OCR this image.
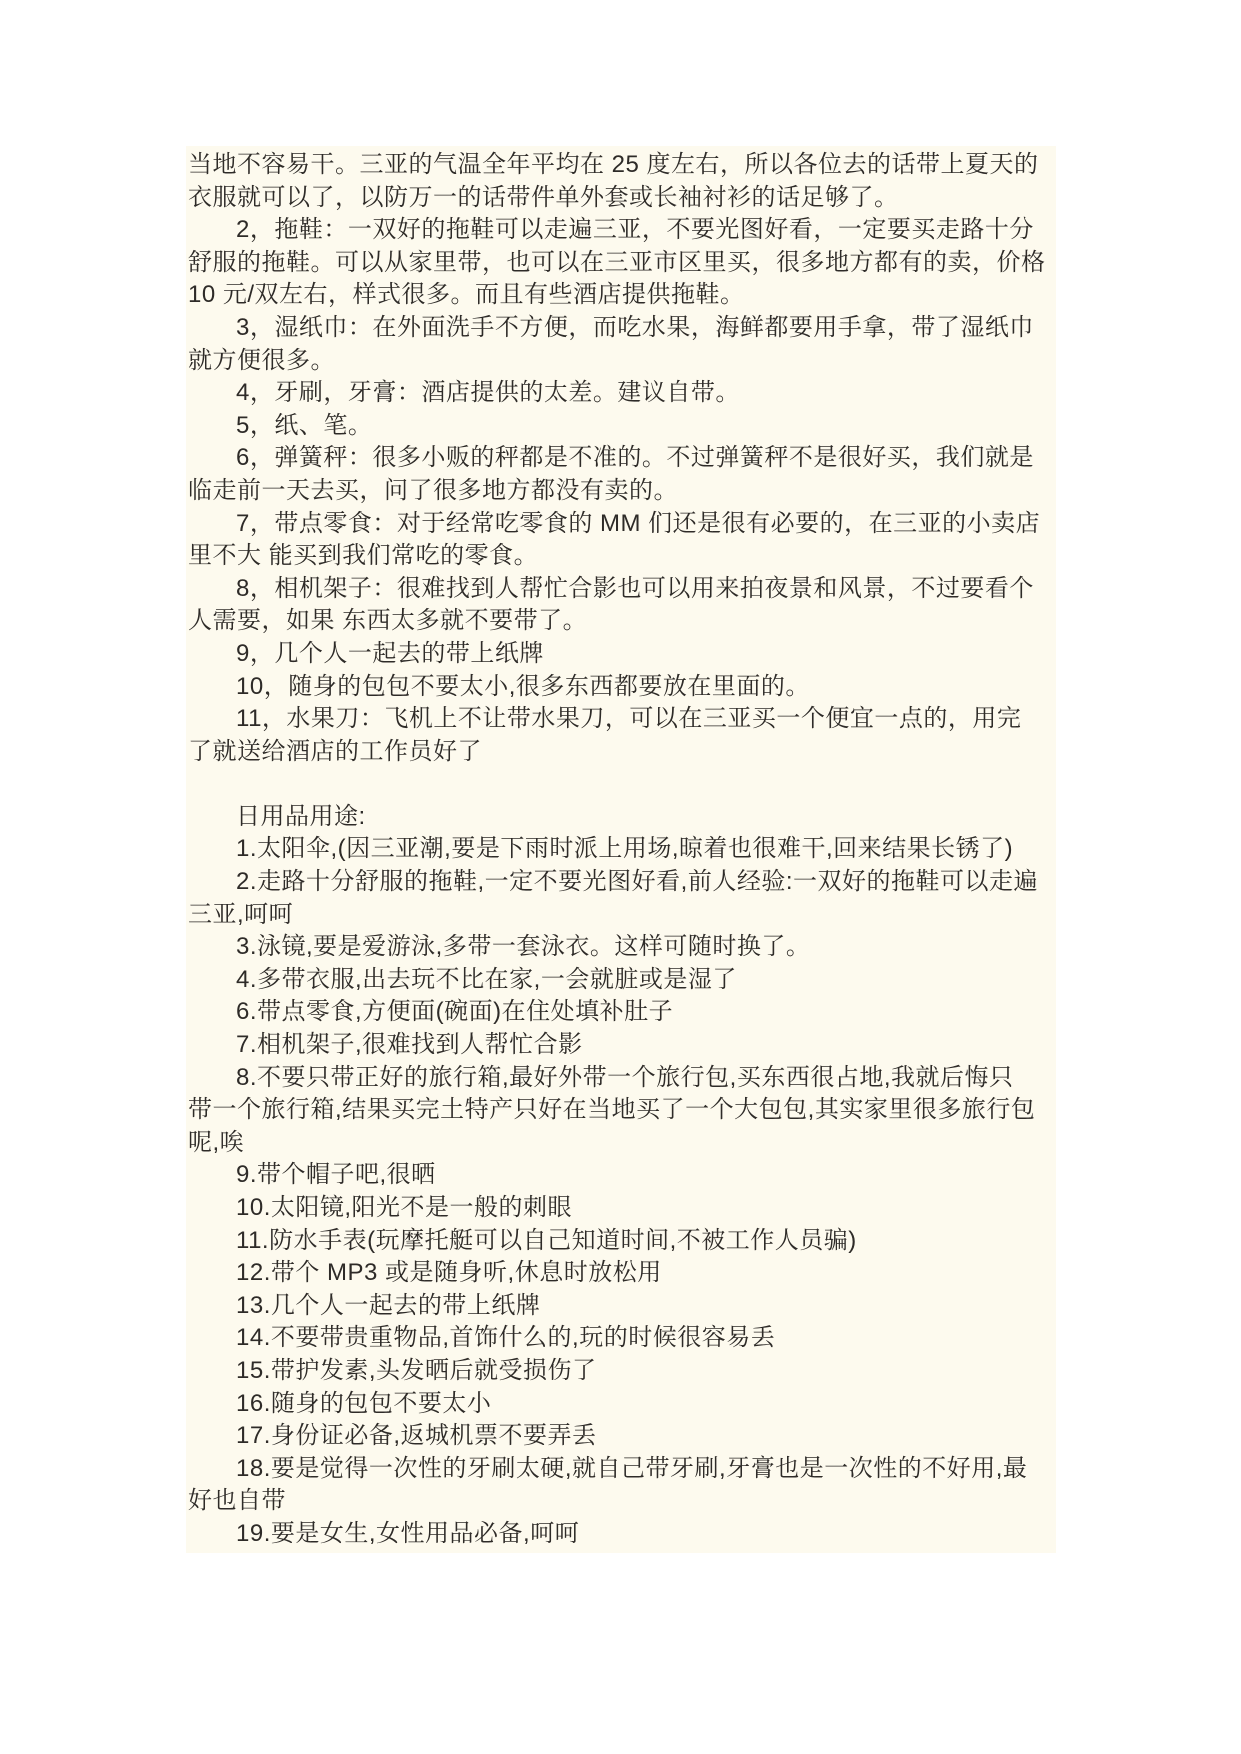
当地不容易干。三亚的气温全年平均在 25 度左右，所以各位去的话带上夏天的
衣服就可以了，以防万一的话带件单外套或长袖衬衫的话足够了。
2，拖鞋：一双好的拖鞋可以走遍三亚，不要光图好看，一定要买走路十分
舒服的拖鞋。可以从家里带，也可以在三亚市区里买，很多地方都有的卖，价格
10 元/双左右，样式很多。而且有些酒店提供拖鞋。
3，湿纸巾：在外面洗手不方便，而吃水果，海鲜都要用手拿，带了湿纸巾
就方便很多。
4，牙刷，牙膏：酒店提供的太差。建议自带。
5，纸、笔。
6，弹簧秤：很多小贩的秤都是不准的。不过弹簧秤不是很好买，我们就是
临走前一天去买，问了很多地方都没有卖的。
7，带点零食：对于经常吃零食的 MM 们还是很有必要的，在三亚的小卖店
里不大 能买到我们常吃的零食。
8，相机架子：很难找到人帮忙合影也可以用来拍夜景和风景，不过要看个
人需要，如果 东西太多就不要带了。
9，几个人一起去的带上纸牌
10，随身的包包不要太小,很多东西都要放在里面的。
11，水果刀：飞机上不让带水果刀，可以在三亚买一个便宜一点的，用完
了就送给酒店的工作员好了
日用品用途:
1.太阳伞,(因三亚潮,要是下雨时派上用场,晾着也很难干,回来结果长锈了)
2.走路十分舒服的拖鞋,一定不要光图好看,前人经验:一双好的拖鞋可以走遍
三亚,呵呵
3.泳镜,要是爱游泳,多带一套泳衣。这样可随时换了。
4.多带衣服,出去玩不比在家,一会就脏或是湿了
6.带点零食,方便面(碗面)在住处填补肚子
7.相机架子,很难找到人帮忙合影
8.不要只带正好的旅行箱,最好外带一个旅行包,买东西很占地,我就后悔只
带一个旅行箱,结果买完土特产只好在当地买了一个大包包,其实家里很多旅行包
呢,唉
9.带个帽子吧,很晒
10.太阳镜,阳光不是一般的刺眼
11.防水手表(玩摩托艇可以自己知道时间,不被工作人员骗)
12.带个 MP3 或是随身听,休息时放松用
13.几个人一起去的带上纸牌
14.不要带贵重物品,首饰什么的,玩的时候很容易丢
15.带护发素,头发晒后就受损伤了
16.随身的包包不要太小
17.身份证必备,返城机票不要弄丢
18.要是觉得一次性的牙刷太硬,就自己带牙刷,牙膏也是一次性的不好用,最
好也自带
19.要是女生,女性用品必备,呵呵
